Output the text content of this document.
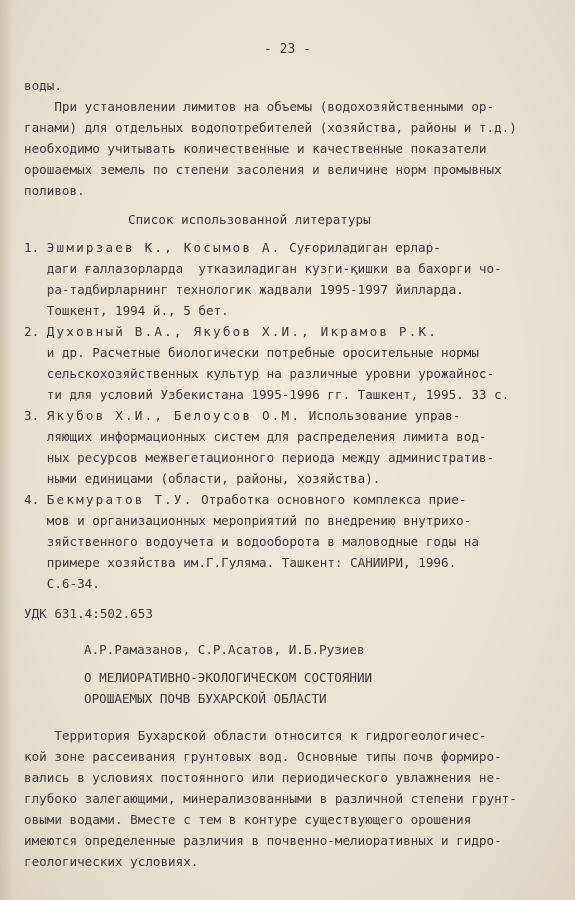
- 23 -
воды.
При установлении лимитов на объемы (водохозяйственными ор-
ганами) для отдельных водопотребителей (хозяйства, районы и т.д.)
необходимо учитывать количественные и качественные показатели
орошаемых земель по степени засоления и величине норм промывных
поливов.
Список использованной литературы
1. Эшмирзаев К., Косымов А. Суғориладиган ерлар-
даги ғаллазорларда  утказиладиган кузги-қишки ва бахорги чо-
ра-тадбирларнинг технологик жадвали 1995-1997 йилларда.
Тошкент, 1994 й., 5 бет.
2. Духовный В.А., Якубов Х.И., Икрамов Р.К.
и др. Расчетные биологически потребные оросительные нормы
сельскохозяйственных культур на различные уровни урожайнос-
ти для условий Узбекистана 1995-1996 гг. Ташкент, 1995. 33 с.
3. Якубов Х.И., Белоусов О.М. Использование управ-
ляющих информационных систем для распределения лимита вод-
ных ресурсов межвегетационного периода между административ-
ными единицами (области, районы, хозяйства).
4. Бекмуратов Т.У. Отработка основного комплекса прие-
мов и организационных мероприятий по внедрению внутрихо-
зяйственного водоучета и водооборота в маловодные годы на
примере хозяйства им.Г.Гуляма. Ташкент: САНИИРИ, 1996.
С.6-34.
УДК 631.4:502.653
А.Р.Рамазанов, С.Р.Асатов, И.Б.Рузиев
О МЕЛИОРАТИВНО-ЭКОЛОГИЧЕСКОМ СОСТОЯНИИ
ОРОШАЕМЫХ ПОЧВ БУХАРСКОЙ ОБЛАСТИ
Территория Бухарской области относится к гидрогеологичес-
кой зоне рассеивания грунтовых вод. Основные типы почв формиро-
вались в условиях постоянного или периодического увлажнения не-
глубоко залегающими, минерализованными в различной степени грунт-
овыми водами. Вместе с тем в контуре существующего орошения
имеются определенные различия в почвенно-мелиоративных и гидро-
геологических условиях.
